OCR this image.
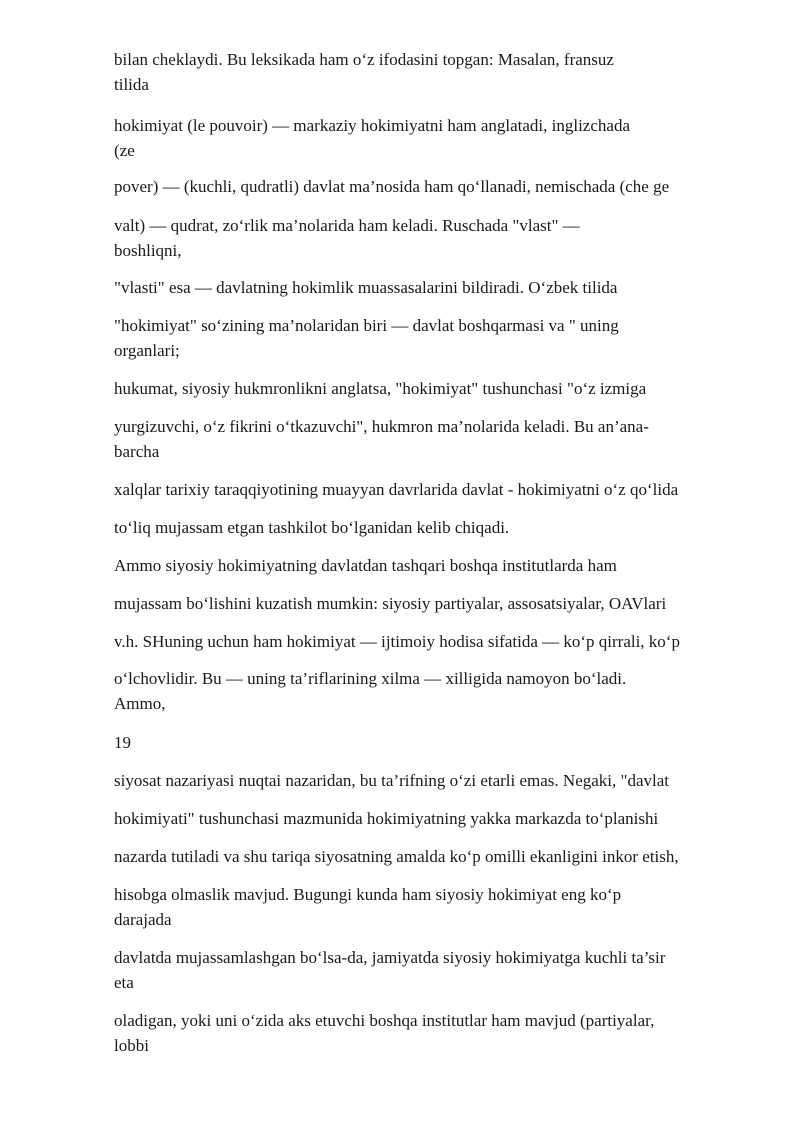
bilan cheklaydi. Bu leksikada ham o‘z ifodasini topgan: Masalan, fransuz
tilida
hokimiyat (le pouvoir) — markaziy hokimiyatni ham anglatadi, inglizchada
(ze
pover) — (kuchli, qudratli) davlat ma’nosida ham qo‘llanadi, nemischada (che ge
valt) — qudrat, zo‘rlik ma’nolarida ham keladi. Ruschada "vlast" —
boshliqni,
"vlasti" esa — davlatning hokimlik muassasalarini bildiradi. O‘zbek tilida
"hokimiyat" so‘zining ma’nolaridan biri — davlat boshqarmasi va " uning
organlari;
hukumat, siyosiy hukmronlikni anglatsa, "hokimiyat" tushunchasi "o‘z izmiga
yurgizuvchi, o‘z fikrini o‘tkazuvchi", hukmron ma’nolarida keladi. Bu an’ana-
barcha
xalqlar tarixiy taraqqiyotining muayyan davrlarida davlat - hokimiyatni o‘z qo‘lida
to‘liq mujassam etgan tashkilot bo‘lganidan kelib chiqadi.
Ammo siyosiy hokimiyatning davlatdan tashqari boshqa institutlarda ham
mujassam bo‘lishini kuzatish mumkin: siyosiy partiyalar, assosatsiyalar, OAVlari
v.h. SHuning uchun ham hokimiyat — ijtimoiy hodisa sifatida — ko‘p qirrali, ko‘p
o‘lchovlidir. Bu — uning ta’riflarining xilma — xilligida namoyon bo‘ladi.
Ammo,
19
siyosat nazariyasi nuqtai nazaridan, bu ta’rifning o‘zi etarli emas. Negaki, "davlat
hokimiyati" tushunchasi mazmunida hokimiyatning yakka markazda to‘planishi
nazarda tutiladi va shu tariqa siyosatning amalda ko‘p omilli ekanligini inkor etish,
hisobga olmaslik mavjud. Bugungi kunda ham siyosiy hokimiyat eng ko‘p
darajada
davlatda mujassamlashgan bo‘lsa-da, jamiyatda siyosiy hokimiyatga kuchli ta’sir
eta
oladigan, yoki uni o‘zida aks etuvchi boshqa institutlar ham mavjud (partiyalar,
lobbi
